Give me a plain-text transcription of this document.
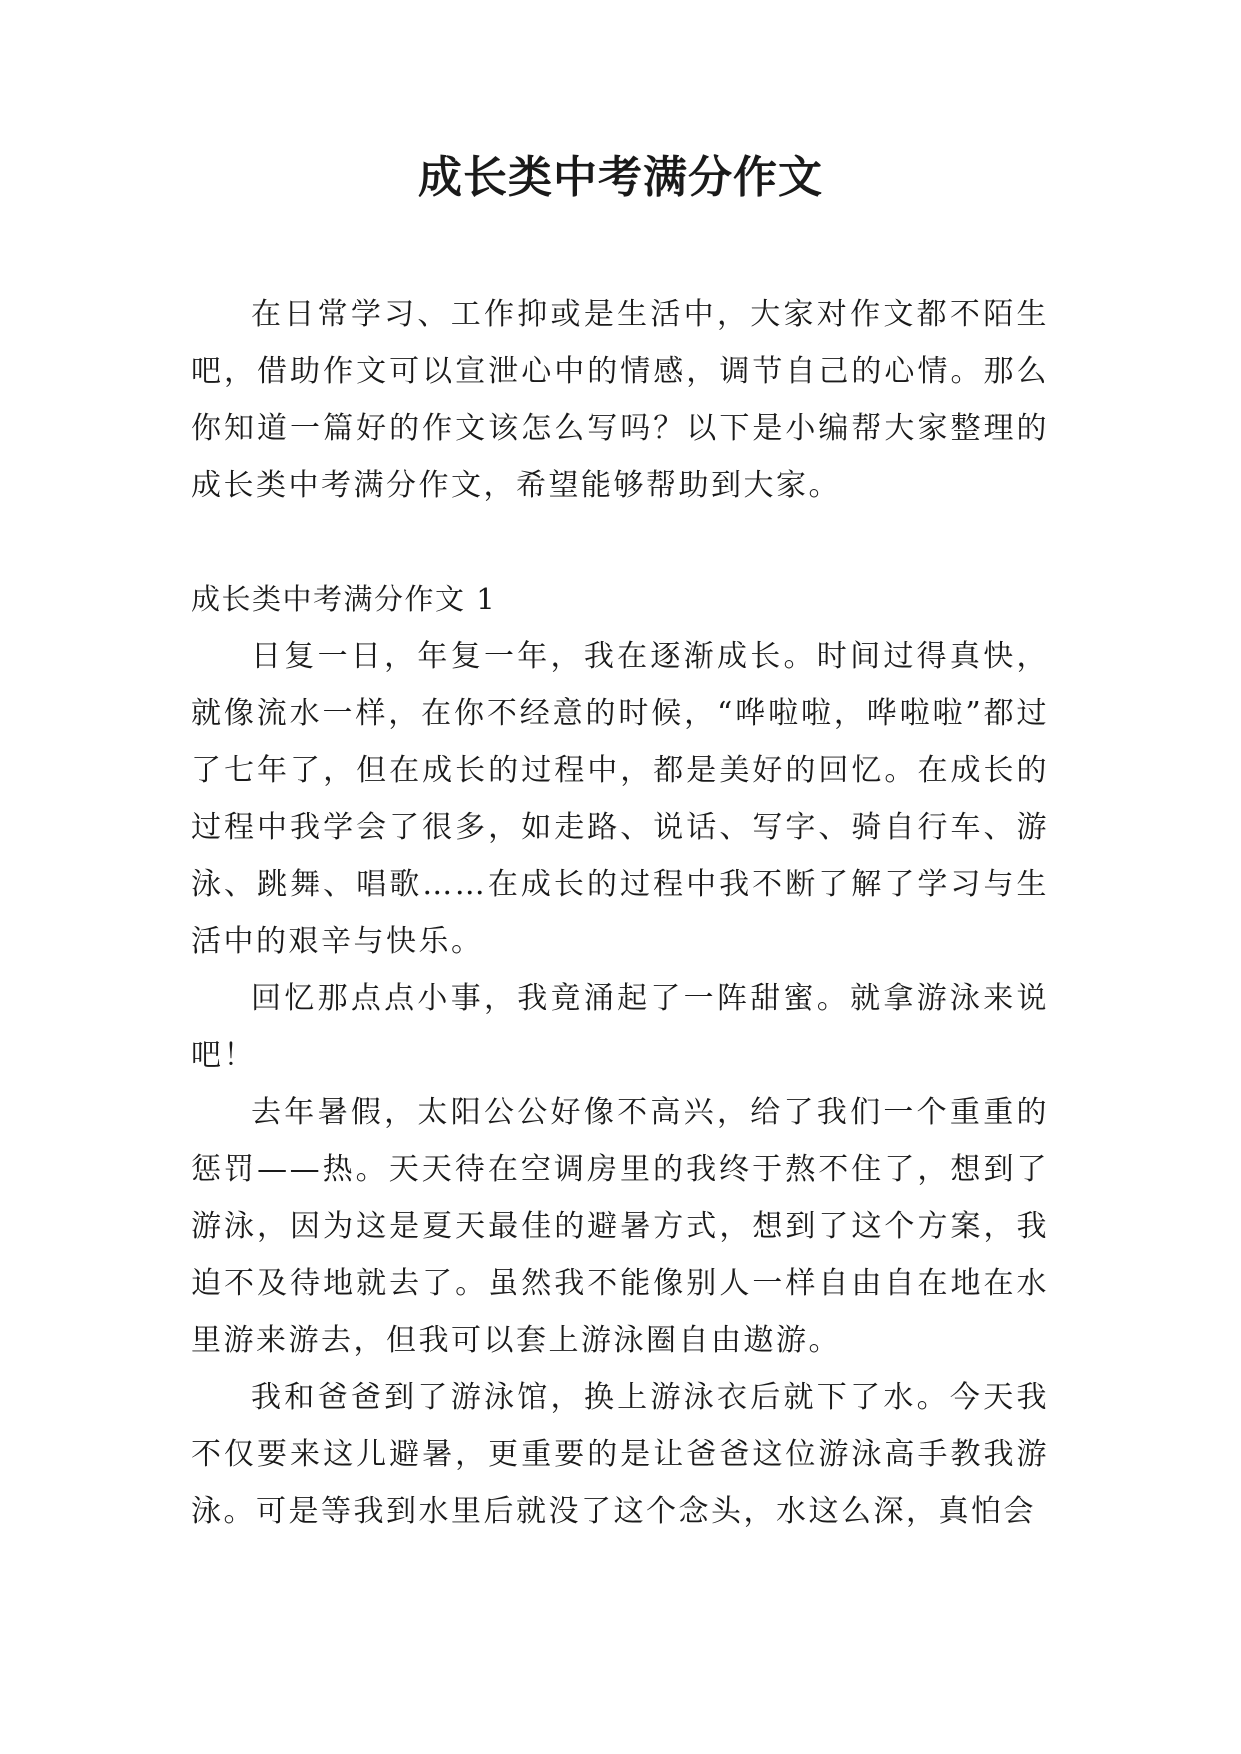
成长类中考满分作文

在日常学习、工作抑或是生活中，大家对作文都不陌生吧，借助作文可以宣泄心中的情感，调节自己的心情。那么你知道一篇好的作文该怎么写吗？以下是小编帮大家整理的成长类中考满分作文，希望能够帮助到大家。

成长类中考满分作文 1

日复一日，年复一年，我在逐渐成长。时间过得真快，就像流水一样，在你不经意的时候，“哗啦啦，哗啦啦”都过了七年了，但在成长的过程中，都是美好的回忆。在成长的过程中我学会了很多，如走路、说话、写字、骑自行车、游泳、跳舞、唱歌……在成长的过程中我不断了解了学习与生活中的艰辛与快乐。

回忆那点点小事，我竟涌起了一阵甜蜜。就拿游泳来说吧！

去年暑假，太阳公公好像不高兴，给了我们一个重重的惩罚——热。天天待在空调房里的我终于熬不住了，想到了游泳，因为这是夏天最佳的避暑方式，想到了这个方案，我迫不及待地就去了。虽然我不能像别人一样自由自在地在水里游来游去，但我可以套上游泳圈自由遨游。

我和爸爸到了游泳馆，换上游泳衣后就下了水。今天我不仅要来这儿避暑，更重要的是让爸爸这位游泳高手教我游泳。可是等我到水里后就没了这个念头，水这么深，真怕会
